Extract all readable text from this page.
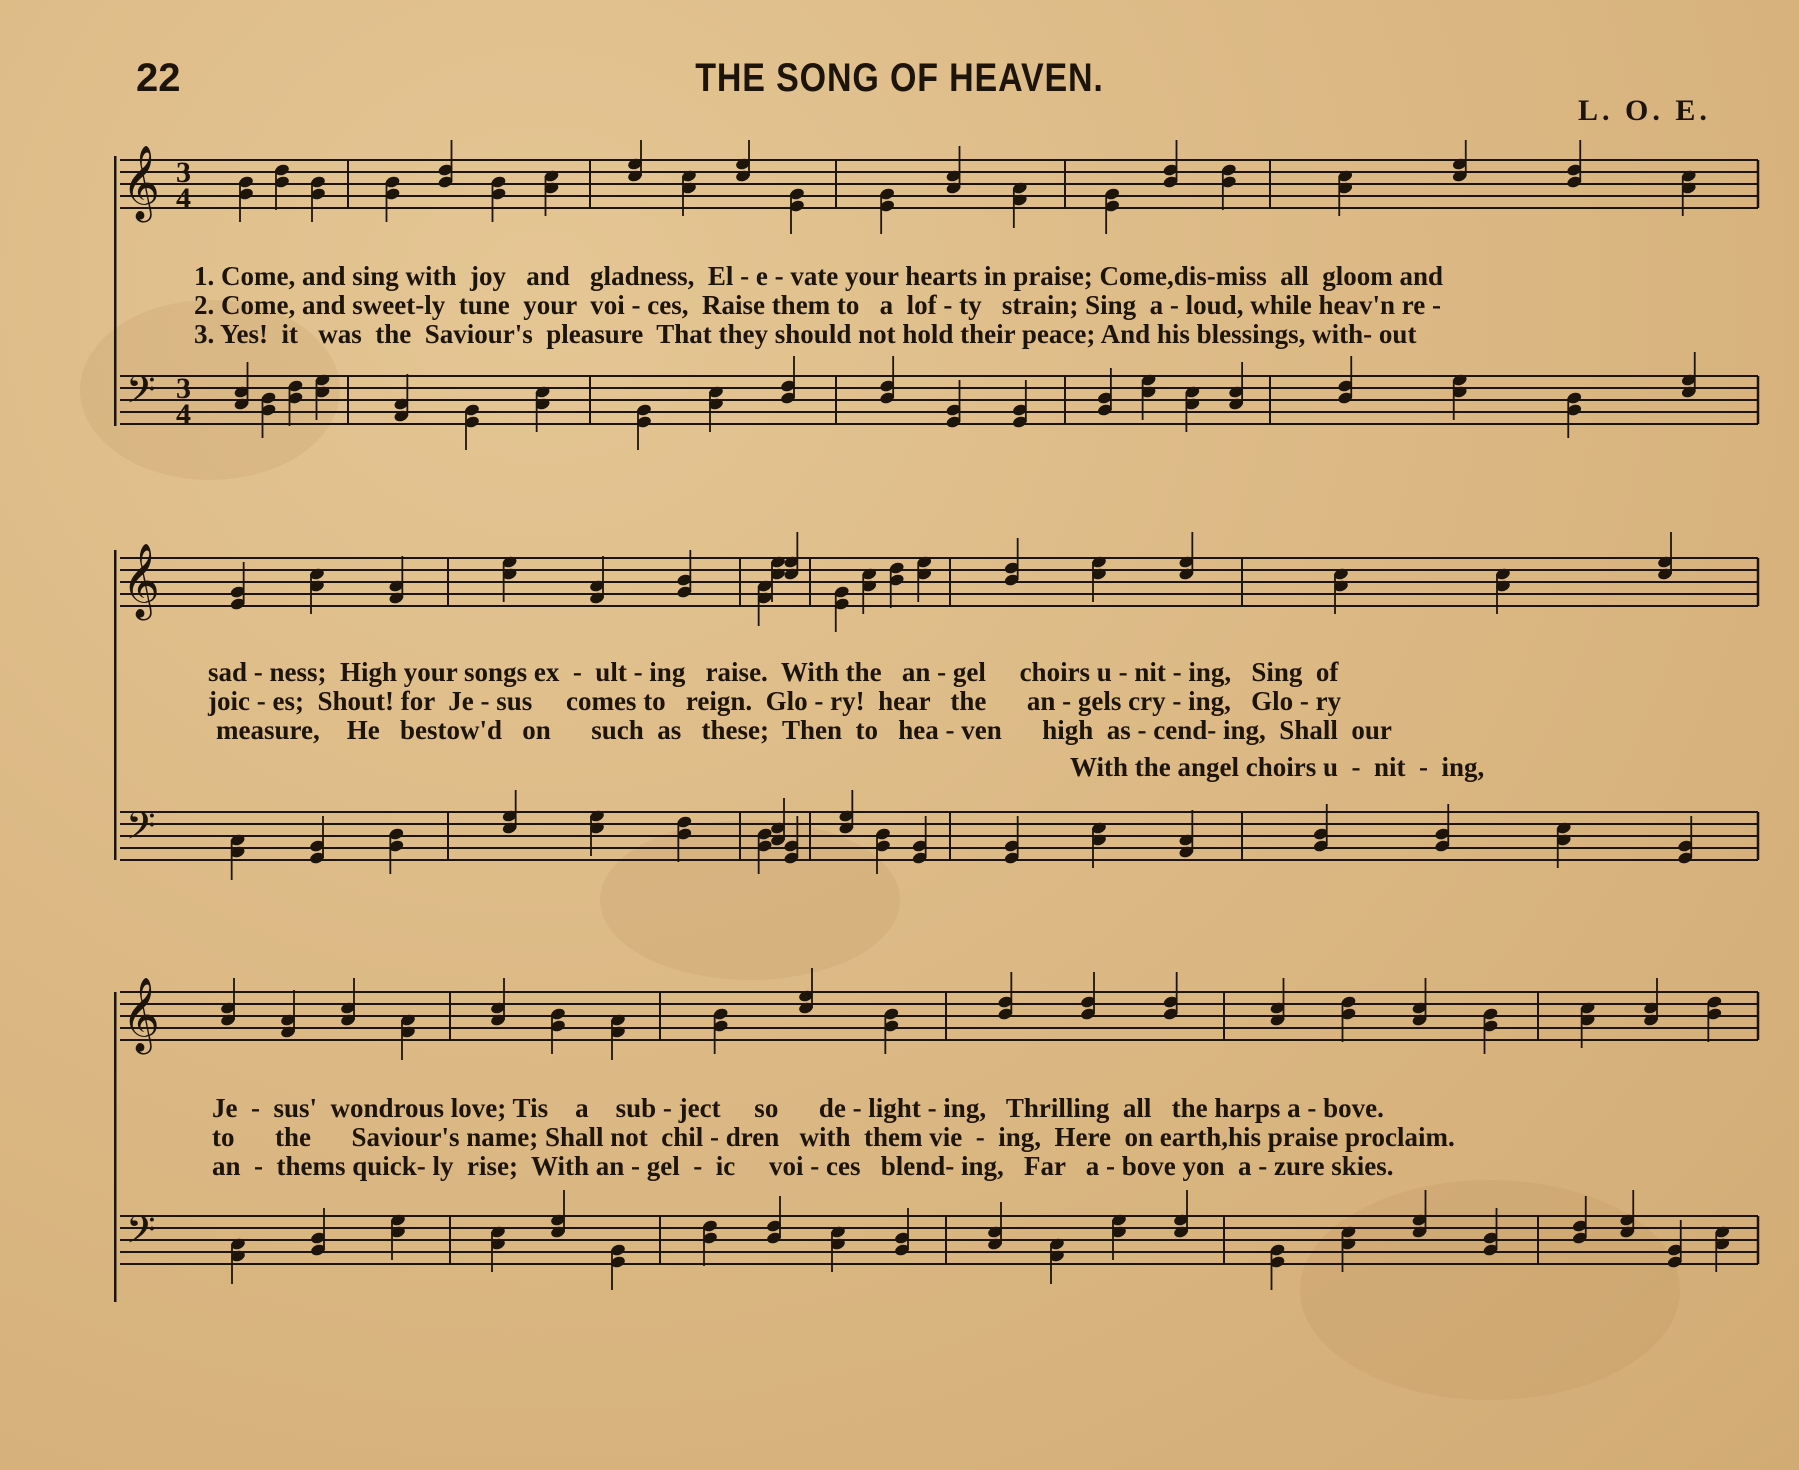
22	THE SONG OF HEAVEN.
L. O. E.
𝄞 3
4
1. Come, and sing with  joy   and   gladness,  El - e - vate your hearts in praise; Come,dis-miss  all  gloom and
2. Come, and sweet-ly  tune  your  voi - ces,  Raise them to   a  lof - ty   strain; Sing  a - loud, while heav'n re -
3. Yes!  it   was  the  Saviour's  pleasure  That they should not hold their peace; And his blessings, with- out
𝄢 3
4
𝄞
sad - ness;  High your songs ex  -  ult - ing   raise.  With the   an - gel     choirs u - nit - ing,   Sing  of
joic - es;  Shout! for  Je - sus     comes to   reign.  Glo - ry!  hear   the      an - gels cry - ing,   Glo - ry
measure,    He   bestow'd   on      such  as   these;  Then  to   hea - ven      high  as - cend- ing,  Shall  our
With the angel choirs u  -  nit  -  ing,
𝄢
𝄞
Je  -  sus'  wondrous love; Tis    a    sub - ject     so      de - light - ing,   Thrilling  all   the harps a - bove.
to      the      Saviour's name; Shall not  chil - dren   with  them vie  -  ing,  Here  on earth,his praise proclaim.
an  -  thems quick- ly  rise;  With an - gel  -  ic     voi - ces   blend- ing,   Far   a - bove yon  a - zure skies.
𝄢
